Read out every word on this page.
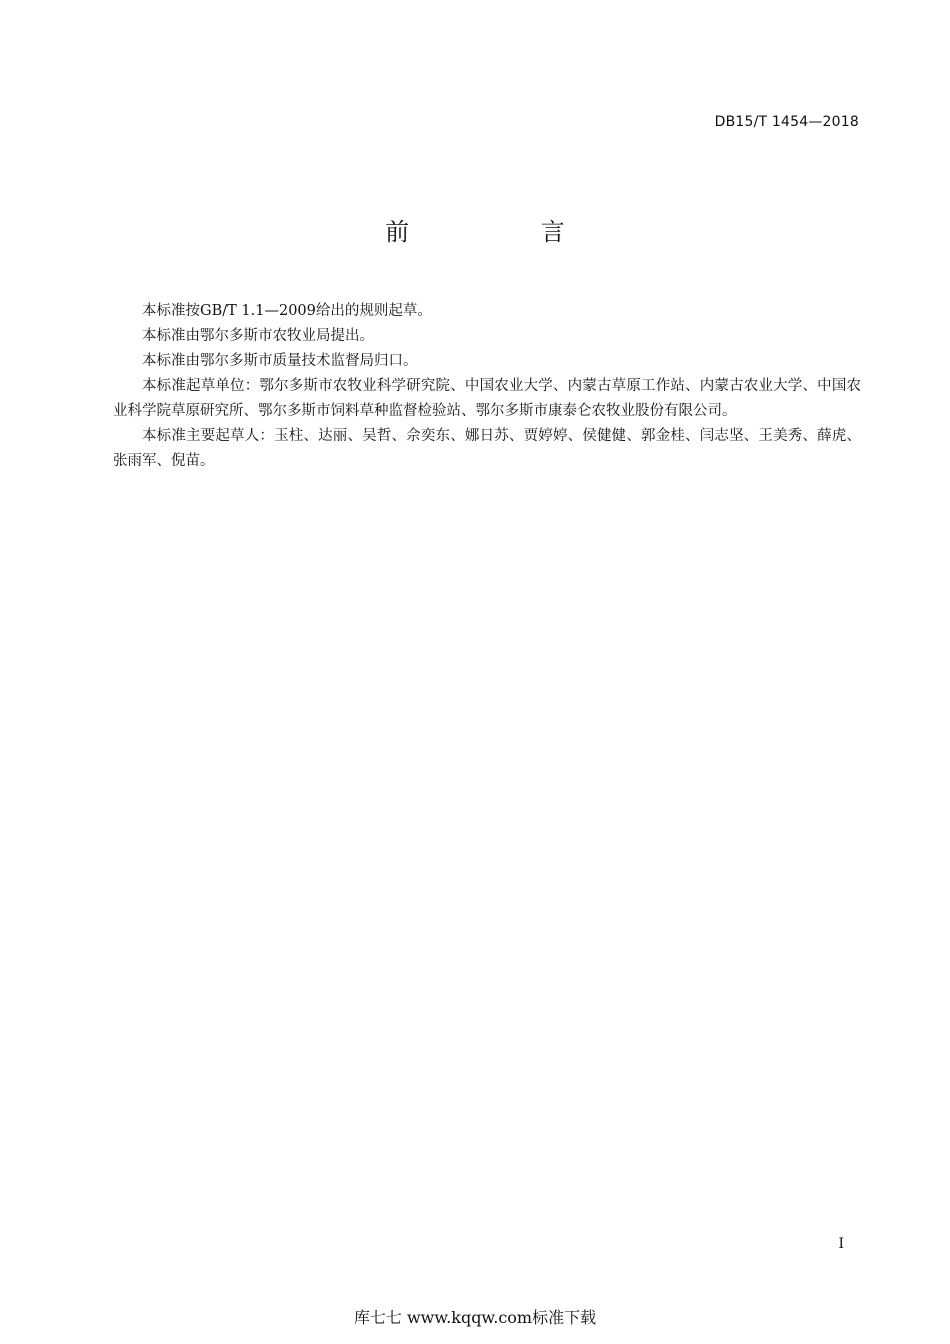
DB15/T 1454—2018
前 言

本标准按GB/T 1.1—2009给出的规则起草。

本标准由鄂尔多斯市农牧业局提出。

本标准由鄂尔多斯市质量技术监督局归口。

本标准起草单位：鄂尔多斯市农牧业科学研究院、中国农业大学、内蒙古草原工作站、内蒙古农业大学、中国农业科学院草原研究所、鄂尔多斯市饲料草种监督检验站、鄂尔多斯市康泰仑农牧业股份有限公司。

本标准主要起草人：玉柱、达丽、吴哲、佘奕东、娜日苏、贾婷婷、侯健健、郭金桂、闫志坚、王美秀、薛虎、张雨军、倪苗。

I
库七七 www.kqqw.com标准下载
